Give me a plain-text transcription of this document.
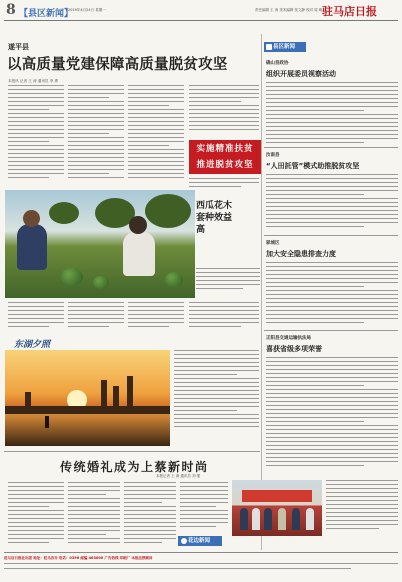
8 【县区新闻】
2019年4月24日 星期一	责任编辑 王 涛 美术编辑 张文静 校对 周 明 驻马店日报
遂平县
以高质量党建保障高质量脱贫攻坚
本报讯 记者 王 涛 通讯员 李 勇
实施精准扶贫
推进脱贫攻坚
西瓜花木套种效益高
东湖夕照
县区新闻
确山县政协
组织开展委员视察活动
汝南县
“人田託管”模式助推脱贫攻坚
驿城区
加大安全隐患排查力度
正阳县交通运输执法局
喜获省级多项荣誉
传统婚礼成为上蔡新时尚
本报记者 王 涛 通讯员 刘 强
花边新闻
驻马店日报社出版 地址：驻马店市 电话：0396 邮编 463000 广告热线 印刷厂 本报法律顾问
